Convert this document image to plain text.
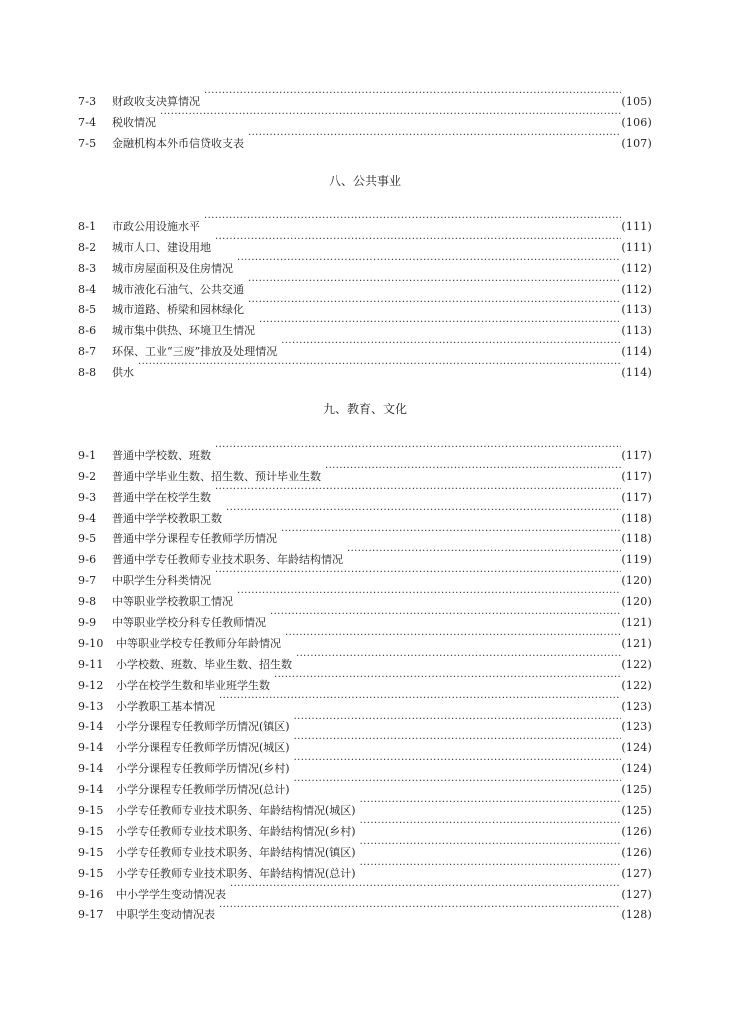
7-3	财政收支决算情况 ·····	(105)
7-4	税收情况 ·····	(106)
7-5	金融机构本外币信贷收支表 ·····	(107)
八、公共事业
8-1	市政公用设施水平 ·····	(111)
8-2	城市人口、建设用地 ·····	(111)
8-3	城市房屋面积及住房情况 ·····	(112)
8-4	城市液化石油气、公共交通 ·····	(112)
8-5	城市道路、桥梁和园林绿化 ·····	(113)
8-6	城市集中供热、环境卫生情况 ·····	(113)
8-7	环保、工业“三废”排放及处理情况 ·····	(114)
8-8	供水 ·····	(114)
九、教育、文化
9-1	普通中学校数、班数 ·····	(117)
9-2	普通中学毕业生数、招生数、预计毕业生数 ·····	(117)
9-3	普通中学在校学生数 ·····	(117)
9-4	普通中学学校教职工数 ·····	(118)
9-5	普通中学分课程专任教师学历情况 ·····	(118)
9-6	普通中学专任教师专业技术职务、年龄结构情况 ·····	(119)
9-7	中职学生分科类情况 ·····	(120)
9-8	中等职业学校教职工情况 ·····	(120)
9-9	中等职业学校分科专任教师情况 ·····	(121)
9-10	中等职业学校专任教师分年龄情况 ·····	(121)
9-11	小学校数、班数、毕业生数、招生数 ·····	(122)
9-12	小学在校学生数和毕业班学生数 ·····	(122)
9-13	小学教职工基本情况 ·····	(123)
9-14	小学分课程专任教师学历情况(镇区) ·····	(123)
9-14	小学分课程专任教师学历情况(城区) ·····	(124)
9-14	小学分课程专任教师学历情况(乡村) ·····	(124)
9-14	小学分课程专任教师学历情况(总计) ·····	(125)
9-15	小学专任教师专业技术职务、年龄结构情况(城区) ·····	(125)
9-15	小学专任教师专业技术职务、年龄结构情况(乡村) ·····	(126)
9-15	小学专任教师专业技术职务、年龄结构情况(镇区) ·····	(126)
9-15	小学专任教师专业技术职务、年龄结构情况(总计) ·····	(127)
9-16	中小学学生变动情况表 ·····	(127)
9-17	中职学生变动情况表 ·····	(128)
